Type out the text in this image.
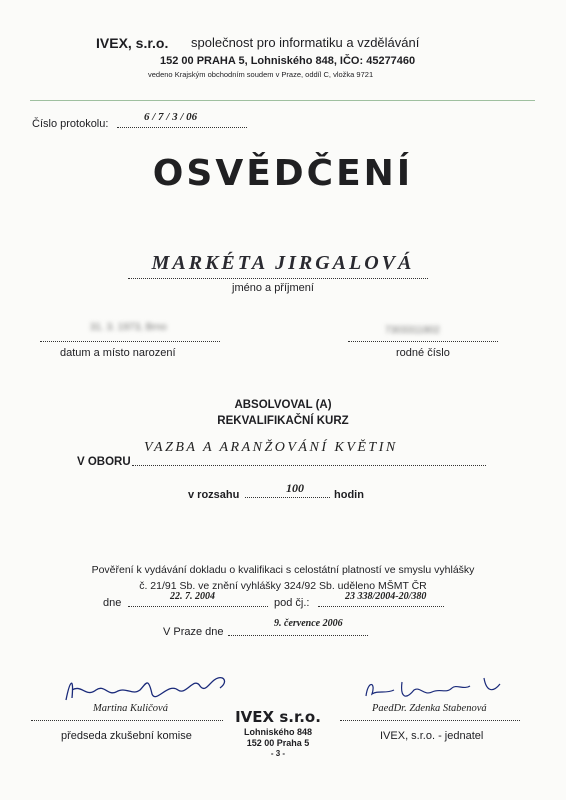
IVEX, s.r.o. společnost pro informatiku a vzdělávání
152 00 PRAHA 5, Lohniského 848, IČO: 45277460
vedeno Krajským obchodním soudem v Praze, oddíl C, vložka 9721
Číslo protokolu:
6 / 7 / 3 / 06
OSVĚDČENÍ
MARKÉTA JIRGALOVÁ
jméno a příjmení
31. 3. 1973, Brno
datum a místo narození
7303311802
rodné číslo
ABSOLVOVAL (A)
REKVALIFIKAČNÍ KURZ
V OBORU
VAZBA A ARANŽOVÁNÍ KVĚTIN
v rozsahu	100	hodin
Pověření k vydávání dokladu o kvalifikaci s celostátní platností ve smyslu vyhlášky
č. 21/91 Sb. ve znění vyhlášky 324/92 Sb. uděleno MŠMT ČR
dne
22. 7. 2004
pod čj.:
23 338/2004-20/380
V Praze dne
9. července 2006
Martina Kuličová
předseda zkušební komise
PaedDr. Zdenka Stabenová
IVEX, s.r.o. - jednatel
IVEX s.r.o.
Lohniského 848
152 00 Praha 5
- 3 -
